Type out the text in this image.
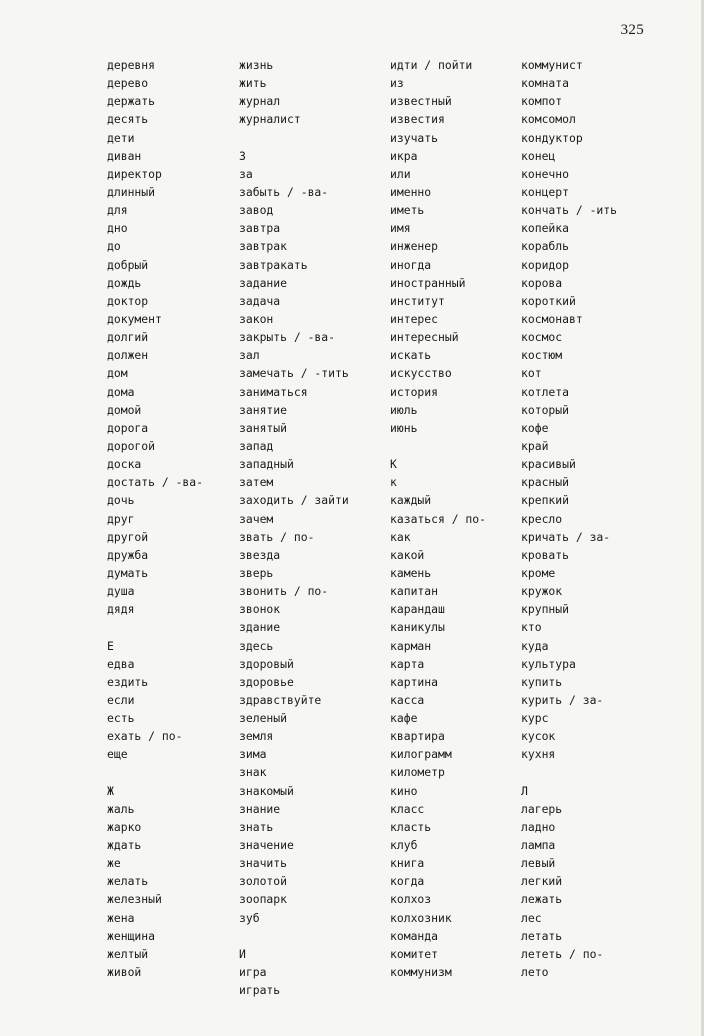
325
деревня
дерево
держать
десять
дети
диван
директор
длинный
для
дно
до
добрый
дождь
доктор
документ
долгий
должен
дом
дома
домой
дорога
дорогой
доска
достать / -ва-
дочь
друг
другой
дружба
думать
душа
дядя
Е
едва
ездить
если
есть
ехать / по-
еще
Ж
жаль
жарко
ждать
же
желать
железный
жена
женщина
желтый
живой
жизнь
жить
журнал
журналист
З
за
забыть / -ва-
завод
завтра
завтрак
завтракать
задание
задача
закон
закрыть / -ва-
зал
замечать / -тить
заниматься
занятие
занятый
запад
западный
затем
заходить / зайти
зачем
звать / по-
звезда
зверь
звонить / по-
звонок
здание
здесь
здоровый
здоровье
здравствуйте
зеленый
земля
зима
знак
знакомый
знание
знать
значение
значить
золотой
зоопарк
зуб
И
игра
играть
идти / пойти
из
известный
известия
изучать
икра
или
именно
иметь
имя
инженер
иногда
иностранный
институт
интерес
интересный
искать
искусство
история
июль
июнь
К
к
каждый
казаться / по-
как
какой
камень
капитан
карандаш
каникулы
карман
карта
картина
касса
кафе
квартира
килограмм
километр
кино
класс
класть
клуб
книга
когда
колхоз
колхозник
команда
комитет
коммунизм
коммунист
комната
компот
комсомол
кондуктор
конец
конечно
концерт
кончать / -ить
копейка
корабль
коридор
корова
короткий
космонавт
космос
костюм
кот
котлета
который
кофе
край
красивый
красный
крепкий
кресло
кричать / за-
кровать
кроме
кружок
крупный
кто
куда
культура
купить
курить / за-
курс
кусок
кухня
Л
лагерь
ладно
лампа
левый
легкий
лежать
лес
летать
лететь / по-
лето
